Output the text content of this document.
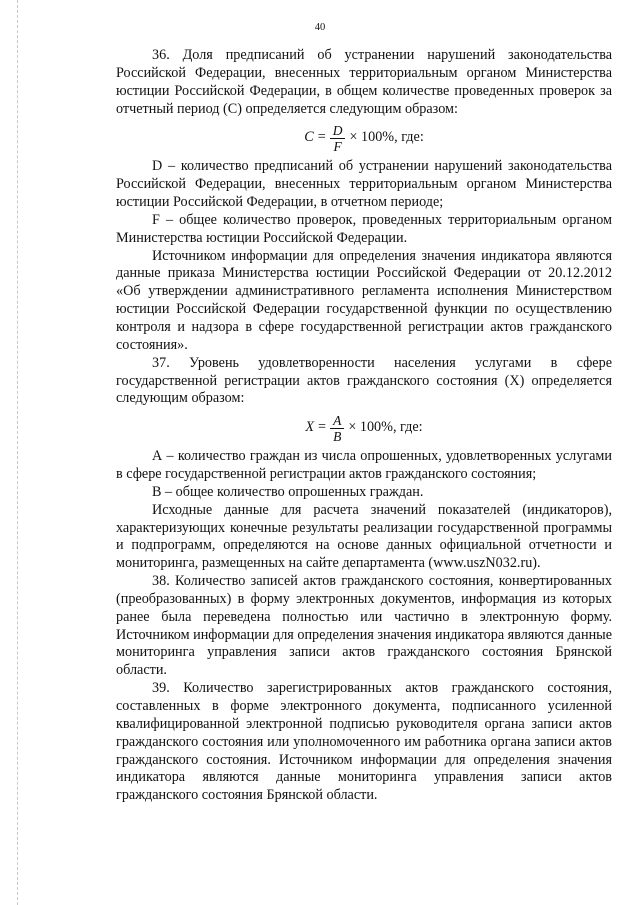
40

36. Доля предписаний об устранении нарушений законодательства Российской Федерации, внесенных территориальным органом Министерства юстиции Российской Федерации, в общем количестве проведенных проверок за отчетный период (С) определяется следующим образом:

$C = \frac{D}{F} \times 100\%$, где:

D – количество предписаний об устранении нарушений законодательства Российской Федерации, внесенных территориальным органом Министерства юстиции Российской Федерации, в отчетном периоде;

F – общее количество проверок, проведенных территориальным органом Министерства юстиции Российской Федерации.

Источником информации для определения значения индикатора являются данные приказа Министерства юстиции Российской Федерации от 20.12.2012 «Об утверждении административного регламента исполнения Министерством юстиции Российской Федерации государственной функции по осуществлению контроля и надзора в сфере государственной регистрации актов гражданского состояния».

37. Уровень удовлетворенности населения услугами в сфере государственной регистрации актов гражданского состояния (X) определяется следующим образом:

$X = \frac{A}{B} \times 100\%$, где:

А – количество граждан из числа опрошенных, удовлетворенных услугами в сфере государственной регистрации актов гражданского состояния;

В – общее количество опрошенных граждан.

Исходные данные для расчета значений показателей (индикаторов), характеризующих конечные результаты реализации государственной программы и подпрограмм, определяются на основе данных официальной отчетности и мониторинга, размещенных на сайте департамента (www.uszN032.ru).

38. Количество записей актов гражданского состояния, конвертированных (преобразованных) в форму электронных документов, информация из которых ранее была переведена полностью или частично в электронную форму. Источником информации для определения значения индикатора являются данные мониторинга управления записи актов гражданского состояния Брянской области.

39. Количество зарегистрированных актов гражданского состояния, составленных в форме электронного документа, подписанного усиленной квалифицированной электронной подписью руководителя органа записи актов гражданского состояния или уполномоченного им работника органа записи актов гражданского состояния. Источником информации для определения значения индикатора являются данные мониторинга управления записи актов гражданского состояния Брянской области.
